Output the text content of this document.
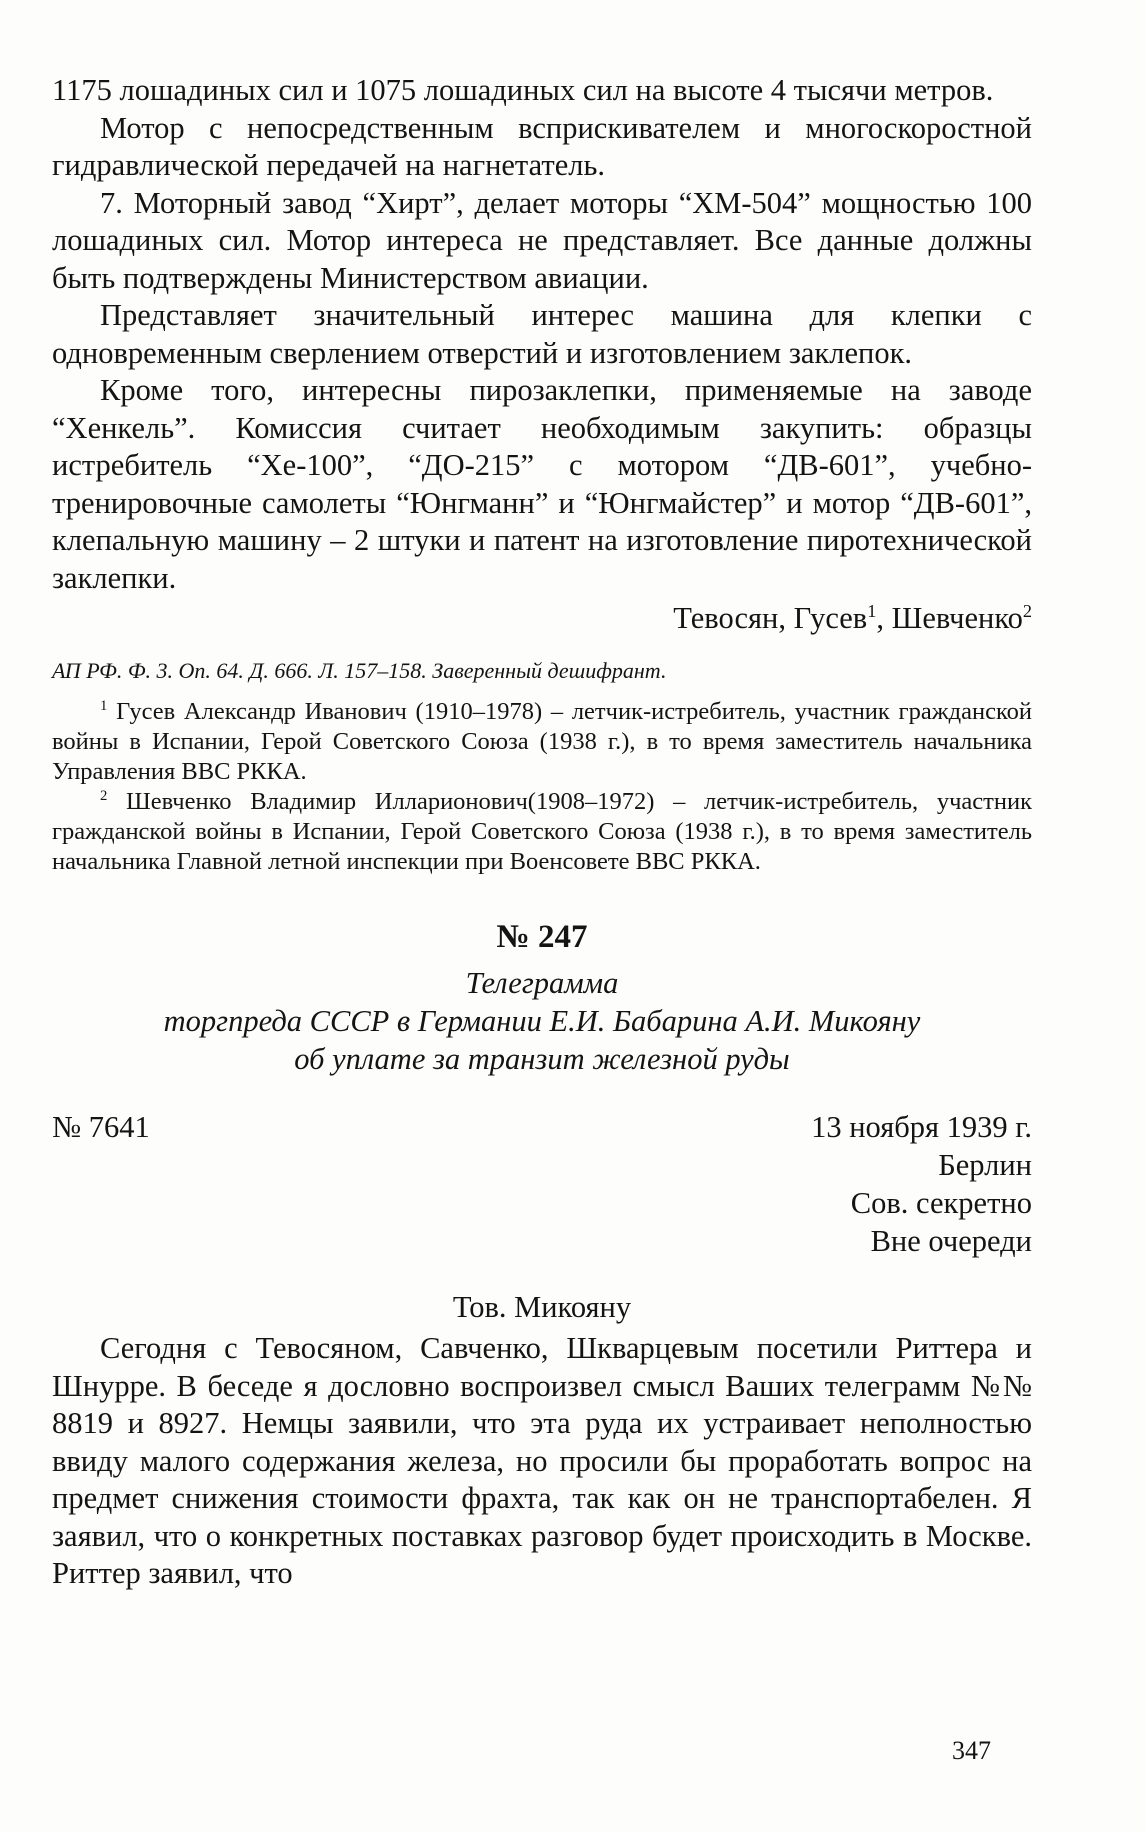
1175 лошадиных сил и 1075 лошадиных сил на высоте 4 тысячи метров.

Мотор с непосредственным всприскивателем и многоскоростной гидравлической передачей на нагнетатель.

7. Моторный завод “Хирт”, делает моторы “ХМ-504” мощностью 100 лошадиных сил. Мотор интереса не представляет. Все данные должны быть подтверждены Министерством авиации.

Представляет значительный интерес машина для клепки с одновременным сверлением отверстий и изготовлением заклепок.

Кроме того, интересны пирозаклепки, применяемые на заводе “Хенкель”. Комиссия считает необходимым закупить: образцы истребитель “Хе-100”, “ДО-215” с мотором “ДВ-601”, учебно-тренировочные самолеты “Юнгманн” и “Юнгмайстер” и мотор “ДВ-601”, клепальную машину – 2 штуки и патент на изготовление пиротехнической заклепки.

Тевосян, Гусев$^1$, Шевченко$^2$
АП РФ. Ф. 3. Оп. 64. Д. 666. Л. 157–158. Заверенный дешифрант.

$^1$ Гусев Александр Иванович (1910–1978) – летчик-истребитель, участник гражданской войны в Испании, Герой Советского Союза (1938 г.), в то время заместитель начальника Управления ВВС РККА.

$^2$ Шевченко Владимир Илларионович(1908–1972) – летчик-истребитель, участник гражданской войны в Испании, Герой Советского Союза (1938 г.), в то время заместитель начальника Главной летной инспекции при Военсовете ВВС РККА.

№ 247
Телеграмма
торгпреда СССР в Германии Е.И. Бабарина А.И. Микояну
об уплате за транзит железной руды
№ 7641	13 ноября 1939 г.
Берлин
Сов. секретно
Вне очереди
Тов. Микояну

Сегодня с Тевосяном, Савченко, Шкварцевым посетили Риттера и Шнурре. В беседе я дословно воспроизвел смысл Ваших телеграмм №№ 8819 и 8927. Немцы заявили, что эта руда их устраивает неполностью ввиду малого содержания железа, но просили бы проработать вопрос на предмет снижения стоимости фрахта, так как он не транспортабелен. Я заявил, что о конкретных поставках разговор будет происходить в Москве. Риттер заявил, что

347
